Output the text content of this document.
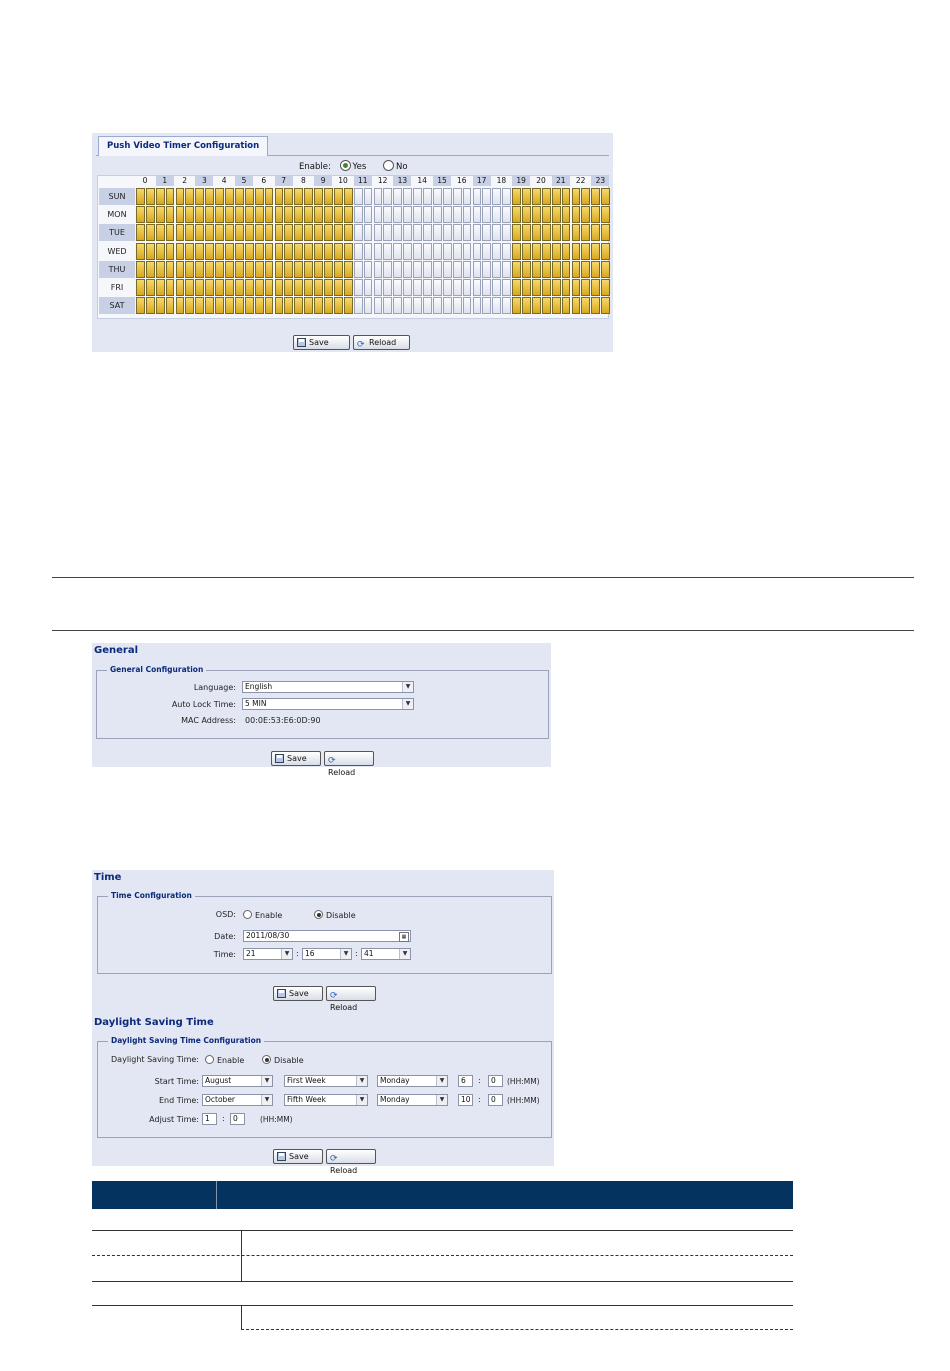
Push Video Timer Configuration
Enable:	Yes	No
0	1	2	3	4	5	6	7	8	9	10	11	12	13	14	15	16	17	18	19	20	21	22	23
SUN
MON
TUE
WED
THU
FRI
SAT
Save	⟳ Reload
General
General Configuration
Language:	English	▼
Auto Lock Time:	5 MIN	▼
MAC Address: 00:0E:53:E6:0D:90
Save ⟳Reload
Time
Time Configuration
OSD:	Enable	Disable
Date:	2011/08/30	▦
Time:	21	▼ : 16	▼ : 41	▼
Save ⟳Reload
Daylight Saving Time
Daylight Saving Time Configuration
Daylight Saving Time:	Enable	Disable
Start Time: August	▼	First Week	▼	Monday	▼	6	:	0	(HH:MM)
End Time: October	▼	Fifth Week	▼	Monday	▼	10 :	0	(HH:MM)
Adjust Time: 1	:	0	(HH:MM)
Save ⟳Reload
